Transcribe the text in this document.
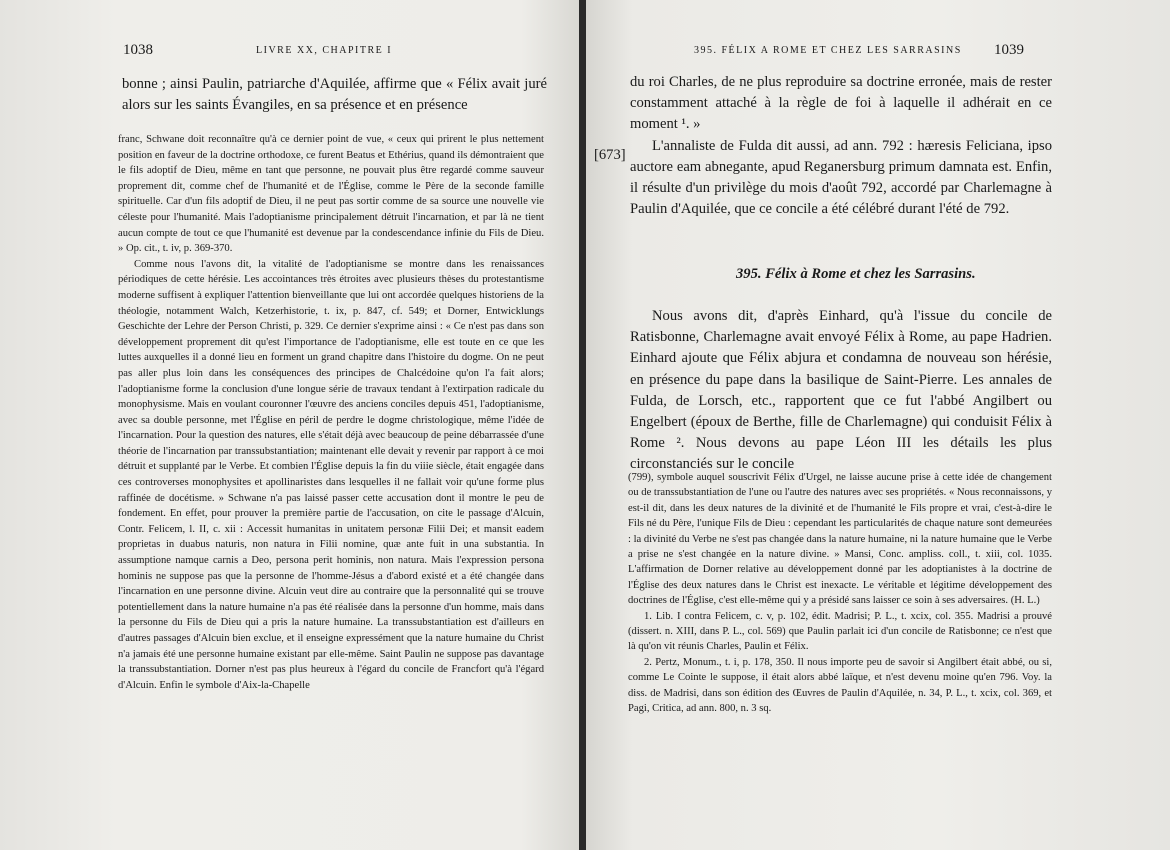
1038	LIVRE XX, CHAPITRE I

bonne ; ainsi Paulin, patriarche d'Aquilée, affirme que « Félix avait juré alors sur les saints Évangiles, en sa présence et en présence

franc, Schwane doit reconnaître qu'à ce dernier point de vue, « ceux qui prirent le plus nettement position en faveur de la doctrine orthodoxe, ce furent Beatus et Ethérius, quand ils démontraient que le fils adoptif de Dieu, même en tant que personne, ne pouvait plus être regardé comme sauveur proprement dit, comme chef de l'humanité et de l'Église, comme le Père de la seconde famille spirituelle. Car d'un fils adoptif de Dieu, il ne peut pas sortir comme de sa source une nouvelle vie céleste pour l'humanité. Mais l'adoptianisme principalement détruit l'incarnation, et par là ne tient aucun compte de tout ce que l'humanité est devenue par la condescendance infinie du Fils de Dieu. » Op. cit., t. iv, p. 369-370.

Comme nous l'avons dit, la vitalité de l'adoptianisme se montre dans les renaissances périodiques de cette hérésie. Les accointances très étroites avec plusieurs thèses du protestantisme moderne suffisent à expliquer l'attention bienveillante que lui ont accordée quelques historiens de la théologie, notamment Walch, Ketzerhistorie, t. ix, p. 847, cf. 549; et Dorner, Entwicklungs Geschichte der Lehre der Person Christi, p. 329. Ce dernier s'exprime ainsi : « Ce n'est pas dans son développement proprement dit qu'est l'importance de l'adoptianisme, elle est toute en ce que les luttes auxquelles il a donné lieu en forment un grand chapitre dans l'histoire du dogme. On ne peut pas aller plus loin dans les conséquences des principes de Chalcédoine qu'on l'a fait alors; l'adoptianisme forme la conclusion d'une longue série de travaux tendant à l'extirpation radicale du monophysisme. Mais en voulant couronner l'œuvre des anciens conciles depuis 451, l'adoptianisme, avec sa double personne, met l'Église en péril de perdre le dogme christologique, même l'idée de l'incarnation. Pour la question des natures, elle s'était déjà avec beaucoup de peine débarrassée d'une théorie de l'incarnation par transsubstantiation; maintenant elle devait y revenir par rapport à ce moi détruit et supplanté par le Verbe. Et combien l'Église depuis la fin du viiie siècle, était engagée dans ces controverses monophysites et apollinaristes dans lesquelles il ne fallait voir qu'une forme plus raffinée de docétisme. » Schwane n'a pas laissé passer cette accusation dont il montre le peu de fondement. En effet, pour prouver la première partie de l'accusation, on cite le passage d'Alcuin, Contr. Felicem, l. II, c. xii : Accessit humanitas in unitatem personæ Filii Dei; et mansit eadem proprietas in duabus naturis, non natura in Filii nomine, quæ ante fuit in una substantia. In assumptione namque carnis a Deo, persona perit hominis, non natura. Mais l'expression persona hominis ne suppose pas que la personne de l'homme-Jésus a d'abord existé et a été changée dans l'incarnation en une personne divine. Alcuin veut dire au contraire que la personnalité qui se trouve potentiellement dans la nature humaine n'a pas été réalisée dans la personne d'un homme, mais dans la personne du Fils de Dieu qui a pris la nature humaine. La transsubstantiation est d'ailleurs en d'autres passages d'Alcuin bien exclue, et il enseigne expressément que la nature humaine du Christ n'a jamais été une personne humaine existant par elle-même. Saint Paulin ne suppose pas davantage la transsubstantiation. Dorner n'est pas plus heureux à l'égard du concile de Francfort qu'à l'égard d'Alcuin. Enfin le symbole d'Aix-la-Chapelle

395. FÉLIX A ROME ET CHEZ LES SARRASINS 1039

du roi Charles, de ne plus reproduire sa doctrine erronée, mais de rester constamment attaché à la règle de foi à laquelle il adhérait en ce moment ¹. »

L'annaliste de Fulda dit aussi, ad ann. 792 : hæresis Feliciana, ipso auctore eam abnegante, apud Reganersburg primum damnata est. Enfin, il résulte d'un privilège du mois d'août 792, accordé par Charlemagne à Paulin d'Aquilée, que ce concile a été célébré durant l'été de 792.

[673]
395. Félix à Rome et chez les Sarrasins.

Nous avons dit, d'après Einhard, qu'à l'issue du concile de Ratisbonne, Charlemagne avait envoyé Félix à Rome, au pape Hadrien. Einhard ajoute que Félix abjura et condamna de nouveau son hérésie, en présence du pape dans la basilique de Saint-Pierre. Les annales de Fulda, de Lorsch, etc., rapportent que ce fut l'abbé Angilbert ou Engelbert (époux de Berthe, fille de Charlemagne) qui conduisit Félix à Rome ². Nous devons au pape Léon III les détails les plus circonstanciés sur le concile

(799), symbole auquel souscrivit Félix d'Urgel, ne laisse aucune prise à cette idée de changement ou de transsubstantiation de l'une ou l'autre des natures avec ses propriétés. « Nous reconnaissons, y est-il dit, dans les deux natures de la divinité et de l'humanité le Fils propre et vrai, c'est-à-dire le Fils né du Père, l'unique Fils de Dieu : cependant les particularités de chaque nature sont demeurées : la divinité du Verbe ne s'est pas changée dans la nature humaine, ni la nature humaine que le Verbe a prise ne s'est changée en la nature divine. » Mansi, Conc. ampliss. coll., t. xiii, col. 1035. L'affirmation de Dorner relative au développement donné par les adoptianistes à la doctrine de l'Église des deux natures dans le Christ est inexacte. Le véritable et légitime développement des doctrines de l'Église, c'est elle-même qui y a présidé sans laisser ce soin à ses adversaires. (H. L.)

1. Lib. I contra Felicem, c. v, p. 102, édit. Madrisi; P. L., t. xcix, col. 355. Madrisi a prouvé (dissert. n. XIII, dans P. L., col. 569) que Paulin parlait ici d'un concile de Ratisbonne; ce n'est que là qu'on vit réunis Charles, Paulin et Félix.

2. Pertz, Monum., t. i, p. 178, 350. Il nous importe peu de savoir si Angilbert était abbé, ou si, comme Le Cointe le suppose, il était alors abbé laïque, et n'est devenu moine qu'en 796. Voy. la diss. de Madrisi, dans son édition des Œuvres de Paulin d'Aquilée, n. 34, P. L., t. xcix, col. 369, et Pagi, Critica, ad ann. 800, n. 3 sq.
